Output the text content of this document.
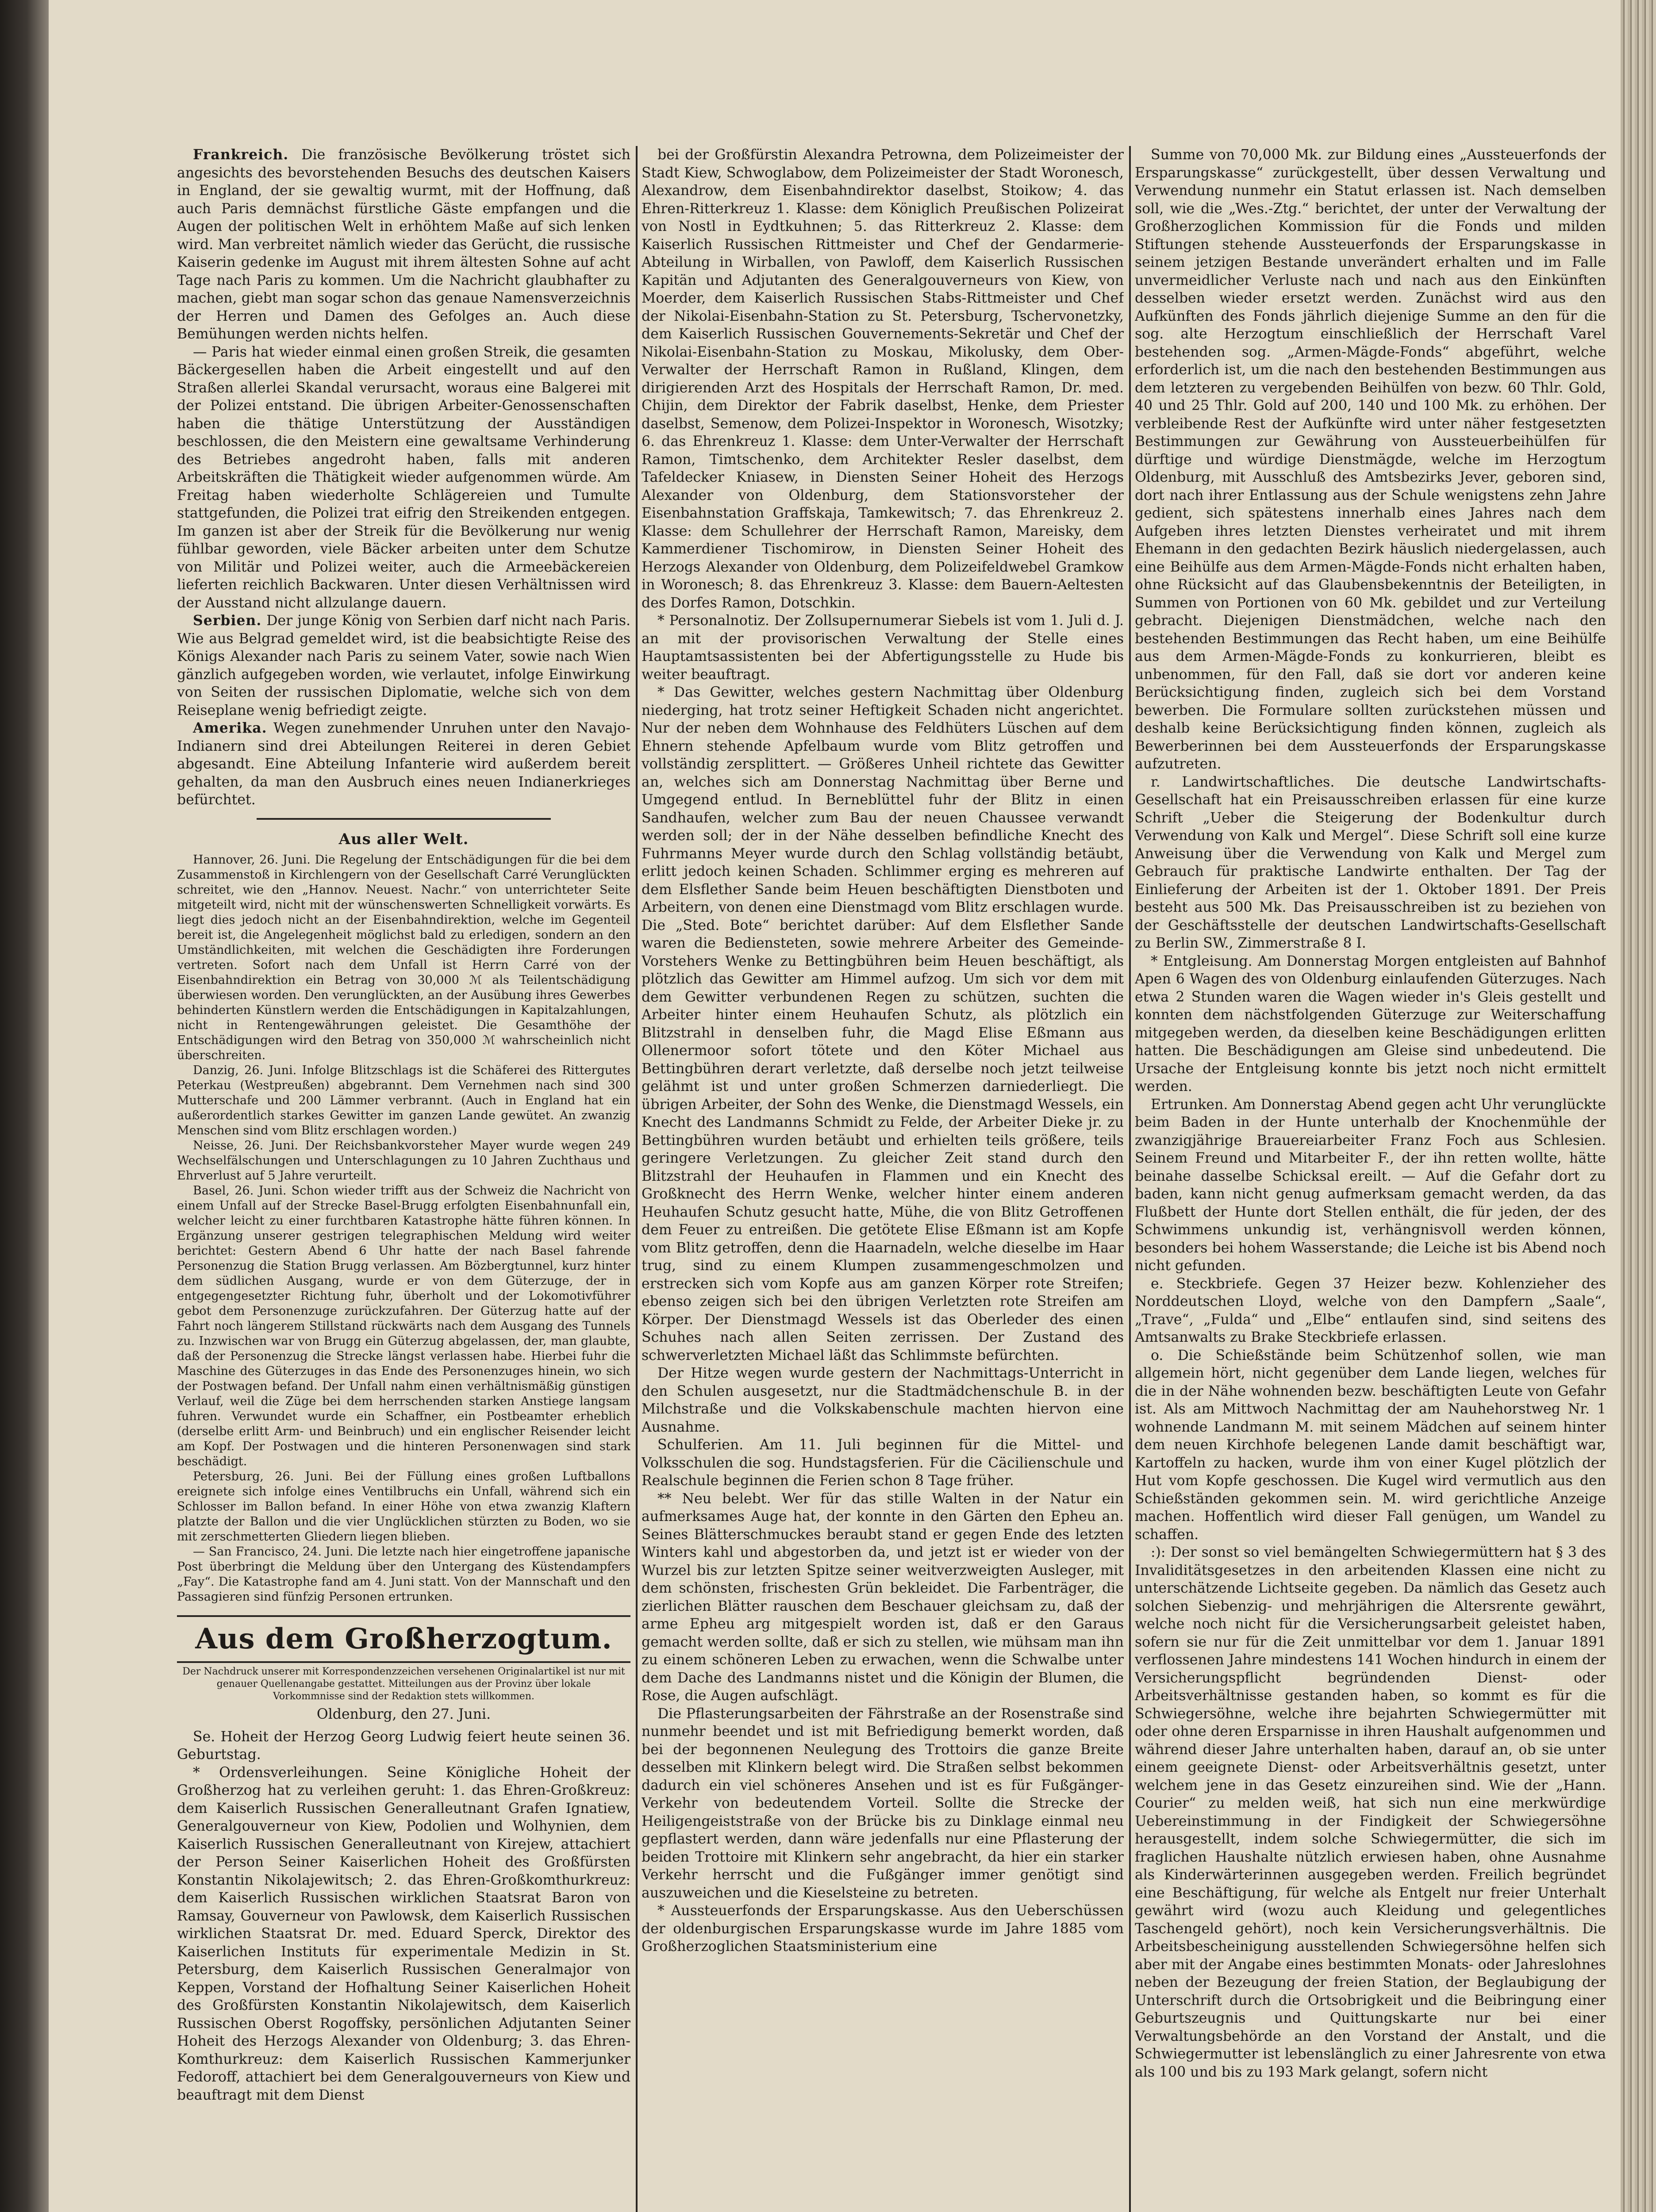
Frankreich. Die französische Bevölkerung tröstet sich angesichts des bevorstehenden Besuchs des deutschen Kaisers in England, der sie gewaltig wurmt, mit der Hoffnung, daß auch Paris demnächst fürstliche Gäste empfangen und die Augen der politischen Welt in erhöhtem Maße auf sich lenken wird. Man verbreitet nämlich wieder das Gerücht, die russische Kaiserin gedenke im August mit ihrem ältesten Sohne auf acht Tage nach Paris zu kommen. Um die Nachricht glaubhafter zu machen, giebt man sogar schon das genaue Namensverzeichnis der Herren und Damen des Gefolges an. Auch diese Bemühungen werden nichts helfen.

— Paris hat wieder einmal einen großen Streik, die gesamten Bäckergesellen haben die Arbeit eingestellt und auf den Straßen allerlei Skandal verursacht, woraus eine Balgerei mit der Polizei entstand. Die übrigen Arbeiter-Genossenschaften haben die thätige Unterstützung der Ausständigen beschlossen, die den Meistern eine gewaltsame Verhinderung des Betriebes angedroht haben, falls mit anderen Arbeitskräften die Thätigkeit wieder aufgenommen würde. Am Freitag haben wiederholte Schlägereien und Tumulte stattgefunden, die Polizei trat eifrig den Streikenden entgegen. Im ganzen ist aber der Streik für die Bevölkerung nur wenig fühlbar geworden, viele Bäcker arbeiten unter dem Schutze von Militär und Polizei weiter, auch die Armeebäckereien lieferten reichlich Backwaren. Unter diesen Verhältnissen wird der Ausstand nicht allzulange dauern.

Serbien. Der junge König von Serbien darf nicht nach Paris. Wie aus Belgrad gemeldet wird, ist die beabsichtigte Reise des Königs Alexander nach Paris zu seinem Vater, sowie nach Wien gänzlich aufgegeben worden, wie verlautet, infolge Einwirkung von Seiten der russischen Diplomatie, welche sich von dem Reiseplane wenig befriedigt zeigte.

Amerika. Wegen zunehmender Unruhen unter den Navajo-Indianern sind drei Abteilungen Reiterei in deren Gebiet abgesandt. Eine Abteilung Infanterie wird außerdem bereit gehalten, da man den Ausbruch eines neuen Indianerkrieges befürchtet.

Aus aller Welt.

Hannover, 26. Juni. Die Regelung der Entschädigungen für die bei dem Zusammenstoß in Kirchlengern von der Gesellschaft Carré Verunglückten schreitet, wie den „Hannov. Neuest. Nachr.“ von unterrichteter Seite mitgeteilt wird, nicht mit der wünschenswerten Schnelligkeit vorwärts. Es liegt dies jedoch nicht an der Eisenbahndirektion, welche im Gegenteil bereit ist, die Angelegenheit möglichst bald zu erledigen, sondern an den Umständlichkeiten, mit welchen die Geschädigten ihre Forderungen vertreten. Sofort nach dem Unfall ist Herrn Carré von der Eisenbahndirektion ein Betrag von 30,000 ℳ als Teilentschädigung überwiesen worden. Den verunglückten, an der Ausübung ihres Gewerbes behinderten Künstlern werden die Entschädigungen in Kapitalzahlungen, nicht in Rentengewährungen geleistet. Die Gesamthöhe der Entschädigungen wird den Betrag von 350,000 ℳ wahrscheinlich nicht überschreiten.

Danzig, 26. Juni. Infolge Blitzschlags ist die Schäferei des Rittergutes Peterkau (Westpreußen) abgebrannt. Dem Vernehmen nach sind 300 Mutterschafe und 200 Lämmer verbrannt. (Auch in England hat ein außerordentlich starkes Gewitter im ganzen Lande gewütet. An zwanzig Menschen sind vom Blitz erschlagen worden.)

Neisse, 26. Juni. Der Reichsbankvorsteher Mayer wurde wegen 249 Wechselfälschungen und Unterschlagungen zu 10 Jahren Zuchthaus und Ehrverlust auf 5 Jahre verurteilt.

Basel, 26. Juni. Schon wieder trifft aus der Schweiz die Nachricht von einem Unfall auf der Strecke Basel-Brugg erfolgten Eisenbahnunfall ein, welcher leicht zu einer furchtbaren Katastrophe hätte führen können. In Ergänzung unserer gestrigen telegraphischen Meldung wird weiter berichtet: Gestern Abend 6 Uhr hatte der nach Basel fahrende Personenzug die Station Brugg verlassen. Am Bözbergtunnel, kurz hinter dem südlichen Ausgang, wurde er von dem Güterzuge, der in entgegengesetzter Richtung fuhr, überholt und der Lokomotivführer gebot dem Personenzuge zurückzufahren. Der Güterzug hatte auf der Fahrt noch längerem Stillstand rückwärts nach dem Ausgang des Tunnels zu. Inzwischen war von Brugg ein Güterzug abgelassen, der, man glaubte, daß der Personenzug die Strecke längst verlassen habe. Hierbei fuhr die Maschine des Güterzuges in das Ende des Personenzuges hinein, wo sich der Postwagen befand. Der Unfall nahm einen verhältnismäßig günstigen Verlauf, weil die Züge bei dem herrschenden starken Anstiege langsam fuhren. Verwundet wurde ein Schaffner, ein Postbeamter erheblich (derselbe erlitt Arm- und Beinbruch) und ein englischer Reisender leicht am Kopf. Der Postwagen und die hinteren Personenwagen sind stark beschädigt.

Petersburg, 26. Juni. Bei der Füllung eines großen Luftballons ereignete sich infolge eines Ventilbruchs ein Unfall, während sich ein Schlosser im Ballon befand. In einer Höhe von etwa zwanzig Klaftern platzte der Ballon und die vier Unglücklichen stürzten zu Boden, wo sie mit zerschmetterten Gliedern liegen blieben.

— San Francisco, 24. Juni. Die letzte nach hier eingetroffene japanische Post überbringt die Meldung über den Untergang des Küstendampfers „Fay“. Die Katastrophe fand am 4. Juni statt. Von der Mannschaft und den Passagieren sind fünfzig Personen ertrunken.

Aus dem Großherzogtum.
Der Nachdruck unserer mit Korrespondenzzeichen versehenen Originalartikel ist nur mit genauer Quellenangabe gestattet. Mitteilungen aus der Provinz über lokale Vorkommnisse sind der Redaktion stets willkommen.
Oldenburg, den 27. Juni.

Se. Hoheit der Herzog Georg Ludwig feiert heute seinen 36. Geburtstag.

* Ordensverleihungen. Seine Königliche Hoheit der Großherzog hat zu verleihen geruht: 1. das Ehren-Großkreuz: dem Kaiserlich Russischen Generalleutnant Grafen Ignatiew, Generalgouverneur von Kiew, Podolien und Wolhynien, dem Kaiserlich Russischen Generalleutnant von Kirejew, attachiert der Person Seiner Kaiserlichen Hoheit des Großfürsten Konstantin Nikolajewitsch; 2. das Ehren-Großkomthurkreuz: dem Kaiserlich Russischen wirklichen Staatsrat Baron von Ramsay, Gouverneur von Pawlowsk, dem Kaiserlich Russischen wirklichen Staatsrat Dr. med. Eduard Sperck, Direktor des Kaiserlichen Instituts für experimentale Medizin in St. Petersburg, dem Kaiserlich Russischen Generalmajor von Keppen, Vorstand der Hofhaltung Seiner Kaiserlichen Hoheit des Großfürsten Konstantin Nikolajewitsch, dem Kaiserlich Russischen Oberst Rogoffsky, persönlichen Adjutanten Seiner Hoheit des Herzogs Alexander von Oldenburg; 3. das Ehren-Komthurkreuz: dem Kaiserlich Russischen Kammerjunker Fedoroff, attachiert bei dem Generalgouverneurs von Kiew und beauftragt mit dem Dienst

bei der Großfürstin Alexandra Petrowna, dem Polizeimeister der Stadt Kiew, Schwoglabow, dem Polizeimeister der Stadt Woronesch, Alexandrow, dem Eisenbahndirektor daselbst, Stoikow; 4. das Ehren-Ritterkreuz 1. Klasse: dem Königlich Preußischen Polizeirat von Nostl in Eydtkuhnen; 5. das Ritterkreuz 2. Klasse: dem Kaiserlich Russischen Rittmeister und Chef der Gendarmerie-Abteilung in Wirballen, von Pawloff, dem Kaiserlich Russischen Kapitän und Adjutanten des Generalgouverneurs von Kiew, von Moerder, dem Kaiserlich Russischen Stabs-Rittmeister und Chef der Nikolai-Eisenbahn-Station zu St. Petersburg, Tschervonetzky, dem Kaiserlich Russischen Gouvernements-Sekretär und Chef der Nikolai-Eisenbahn-Station zu Moskau, Mikolusky, dem Ober-Verwalter der Herrschaft Ramon in Rußland, Klingen, dem dirigierenden Arzt des Hospitals der Herrschaft Ramon, Dr. med. Chijin, dem Direktor der Fabrik daselbst, Henke, dem Priester daselbst, Semenow, dem Polizei-Inspektor in Woronesch, Wisotzky; 6. das Ehrenkreuz 1. Klasse: dem Unter-Verwalter der Herrschaft Ramon, Timtschenko, dem Architekter Resler daselbst, dem Tafeldecker Kniasew, in Diensten Seiner Hoheit des Herzogs Alexander von Oldenburg, dem Stationsvorsteher der Eisenbahnstation Graffskaja, Tamkewitsch; 7. das Ehrenkreuz 2. Klasse: dem Schullehrer der Herrschaft Ramon, Mareisky, dem Kammerdiener Tischomirow, in Diensten Seiner Hoheit des Herzogs Alexander von Oldenburg, dem Polizeifeldwebel Gramkow in Woronesch; 8. das Ehrenkreuz 3. Klasse: dem Bauern-Aeltesten des Dorfes Ramon, Dotschkin.

* Personalnotiz. Der Zollsupernumerar Siebels ist vom 1. Juli d. J. an mit der provisorischen Verwaltung der Stelle eines Hauptamtsassistenten bei der Abfertigungsstelle zu Hude bis weiter beauftragt.

* Das Gewitter, welches gestern Nachmittag über Oldenburg niederging, hat trotz seiner Heftigkeit Schaden nicht angerichtet. Nur der neben dem Wohnhause des Feldhüters Lüschen auf dem Ehnern stehende Apfelbaum wurde vom Blitz getroffen und vollständig zersplittert. — Größeres Unheil richtete das Gewitter an, welches sich am Donnerstag Nachmittag über Berne und Umgegend entlud. In Berneblüttel fuhr der Blitz in einen Sandhaufen, welcher zum Bau der neuen Chaussee verwandt werden soll; der in der Nähe desselben befindliche Knecht des Fuhrmanns Meyer wurde durch den Schlag vollständig betäubt, erlitt jedoch keinen Schaden. Schlimmer erging es mehreren auf dem Elsflether Sande beim Heuen beschäftigten Dienstboten und Arbeitern, von denen eine Dienstmagd vom Blitz erschlagen wurde. Die „Sted. Bote“ berichtet darüber: Auf dem Elsflether Sande waren die Bediensteten, sowie mehrere Arbeiter des Gemeinde-Vorstehers Wenke zu Bettingbühren beim Heuen beschäftigt, als plötzlich das Gewitter am Himmel aufzog. Um sich vor dem mit dem Gewitter verbundenen Regen zu schützen, suchten die Arbeiter hinter einem Heuhaufen Schutz, als plötzlich ein Blitzstrahl in denselben fuhr, die Magd Elise Eßmann aus Ollenermoor sofort tötete und den Köter Michael aus Bettingbühren derart verletzte, daß derselbe noch jetzt teilweise gelähmt ist und unter großen Schmerzen darniederliegt. Die übrigen Arbeiter, der Sohn des Wenke, die Dienstmagd Wessels, ein Knecht des Landmanns Schmidt zu Felde, der Arbeiter Dieke jr. zu Bettingbühren wurden betäubt und erhielten teils größere, teils geringere Verletzungen. Zu gleicher Zeit stand durch den Blitzstrahl der Heuhaufen in Flammen und ein Knecht des Großknecht des Herrn Wenke, welcher hinter einem anderen Heuhaufen Schutz gesucht hatte, Mühe, die von Blitz Getroffenen dem Feuer zu entreißen. Die getötete Elise Eßmann ist am Kopfe vom Blitz getroffen, denn die Haarnadeln, welche dieselbe im Haar trug, sind zu einem Klumpen zusammengeschmolzen und erstrecken sich vom Kopfe aus am ganzen Körper rote Streifen; ebenso zeigen sich bei den übrigen Verletzten rote Streifen am Körper. Der Dienstmagd Wessels ist das Oberleder des einen Schuhes nach allen Seiten zerrissen. Der Zustand des schwerverletzten Michael läßt das Schlimmste befürchten.

Der Hitze wegen wurde gestern der Nachmittags-Unterricht in den Schulen ausgesetzt, nur die Stadtmädchenschule B. in der Milchstraße und die Volkskabenschule machten hiervon eine Ausnahme.

Schulferien. Am 11. Juli beginnen für die Mittel- und Volksschulen die sog. Hundstagsferien. Für die Cäcilienschule und Realschule beginnen die Ferien schon 8 Tage früher.

** Neu belebt. Wer für das stille Walten in der Natur ein aufmerksames Auge hat, der konnte in den Gärten den Epheu an. Seines Blätterschmuckes beraubt stand er gegen Ende des letzten Winters kahl und abgestorben da, und jetzt ist er wieder von der Wurzel bis zur letzten Spitze seiner weitverzweigten Ausleger, mit dem schönsten, frischesten Grün bekleidet. Die Farbenträger, die zierlichen Blätter rauschen dem Beschauer gleichsam zu, daß der arme Epheu arg mitgespielt worden ist, daß er den Garaus gemacht werden sollte, daß er sich zu stellen, wie mühsam man ihn zu einem schöneren Leben zu erwachen, wenn die Schwalbe unter dem Dache des Landmanns nistet und die Königin der Blumen, die Rose, die Augen aufschlägt.

Die Pflasterungsarbeiten der Fährstraße an der Rosenstraße sind nunmehr beendet und ist mit Befriedigung bemerkt worden, daß bei der begonnenen Neulegung des Trottoirs die ganze Breite desselben mit Klinkern belegt wird. Die Straßen selbst bekommen dadurch ein viel schöneres Ansehen und ist es für Fußgänger-Verkehr von bedeutendem Vorteil. Sollte die Strecke der Heiligengeiststraße von der Brücke bis zu Dinklage einmal neu gepflastert werden, dann wäre jedenfalls nur eine Pflasterung der beiden Trottoire mit Klinkern sehr angebracht, da hier ein starker Verkehr herrscht und die Fußgänger immer genötigt sind auszuweichen und die Kieselsteine zu betreten.

* Aussteuerfonds der Ersparungskasse. Aus den Ueberschüssen der oldenburgischen Ersparungskasse wurde im Jahre 1885 vom Großherzoglichen Staatsministerium eine

Summe von 70,000 Mk. zur Bildung eines „Aussteuerfonds der Ersparungskasse“ zurückgestellt, über dessen Verwaltung und Verwendung nunmehr ein Statut erlassen ist. Nach demselben soll, wie die „Wes.-Ztg.“ berichtet, der unter der Verwaltung der Großherzoglichen Kommission für die Fonds und milden Stiftungen stehende Aussteuerfonds der Ersparungskasse in seinem jetzigen Bestande unverändert erhalten und im Falle unvermeidlicher Verluste nach und nach aus den Einkünften desselben wieder ersetzt werden. Zunächst wird aus den Aufkünften des Fonds jährlich diejenige Summe an den für die sog. alte Herzogtum einschließlich der Herrschaft Varel bestehenden sog. „Armen-Mägde-Fonds“ abgeführt, welche erforderlich ist, um die nach den bestehenden Bestimmungen aus dem letzteren zu vergebenden Beihülfen von bezw. 60 Thlr. Gold, 40 und 25 Thlr. Gold auf 200, 140 und 100 Mk. zu erhöhen. Der verbleibende Rest der Aufkünfte wird unter näher festgesetzten Bestimmungen zur Gewährung von Aussteuerbeihülfen für dürftige und würdige Dienstmägde, welche im Herzogtum Oldenburg, mit Ausschluß des Amtsbezirks Jever, geboren sind, dort nach ihrer Entlassung aus der Schule wenigstens zehn Jahre gedient, sich spätestens innerhalb eines Jahres nach dem Aufgeben ihres letzten Dienstes verheiratet und mit ihrem Ehemann in den gedachten Bezirk häuslich niedergelassen, auch eine Beihülfe aus dem Armen-Mägde-Fonds nicht erhalten haben, ohne Rücksicht auf das Glaubensbekenntnis der Beteiligten, in Summen von Portionen von 60 Mk. gebildet und zur Verteilung gebracht. Diejenigen Dienstmädchen, welche nach den bestehenden Bestimmungen das Recht haben, um eine Beihülfe aus dem Armen-Mägde-Fonds zu konkurrieren, bleibt es unbenommen, für den Fall, daß sie dort vor anderen keine Berücksichtigung finden, zugleich sich bei dem Vorstand bewerben. Die Formulare sollten zurückstehen müssen und deshalb keine Berücksichtigung finden können, zugleich als Bewerberinnen bei dem Aussteuerfonds der Ersparungskasse aufzutreten.

r. Landwirtschaftliches. Die deutsche Landwirtschafts-Gesellschaft hat ein Preisausschreiben erlassen für eine kurze Schrift „Ueber die Steigerung der Bodenkultur durch Verwendung von Kalk und Mergel“. Diese Schrift soll eine kurze Anweisung über die Verwendung von Kalk und Mergel zum Gebrauch für praktische Landwirte enthalten. Der Tag der Einlieferung der Arbeiten ist der 1. Oktober 1891. Der Preis besteht aus 500 Mk. Das Preisausschreiben ist zu beziehen von der Geschäftsstelle der deutschen Landwirtschafts-Gesellschaft zu Berlin SW., Zimmerstraße 8 I.

* Entgleisung. Am Donnerstag Morgen entgleisten auf Bahnhof Apen 6 Wagen des von Oldenburg einlaufenden Güterzuges. Nach etwa 2 Stunden waren die Wagen wieder in's Gleis gestellt und konnten dem nächstfolgenden Güterzuge zur Weiterschaffung mitgegeben werden, da dieselben keine Beschädigungen erlitten hatten. Die Beschädigungen am Gleise sind unbedeutend. Die Ursache der Entgleisung konnte bis jetzt noch nicht ermittelt werden.

Ertrunken. Am Donnerstag Abend gegen acht Uhr verunglückte beim Baden in der Hunte unterhalb der Knochenmühle der zwanzigjährige Brauereiarbeiter Franz Foch aus Schlesien. Seinem Freund und Mitarbeiter F., der ihn retten wollte, hätte beinahe dasselbe Schicksal ereilt. — Auf die Gefahr dort zu baden, kann nicht genug aufmerksam gemacht werden, da das Flußbett der Hunte dort Stellen enthält, die für jeden, der des Schwimmens unkundig ist, verhängnisvoll werden können, besonders bei hohem Wasserstande; die Leiche ist bis Abend noch nicht gefunden.

e. Steckbriefe. Gegen 37 Heizer bezw. Kohlenzieher des Norddeutschen Lloyd, welche von den Dampfern „Saale“, „Trave“, „Fulda“ und „Elbe“ entlaufen sind, sind seitens des Amtsanwalts zu Brake Steckbriefe erlassen.

o. Die Schießstände beim Schützenhof sollen, wie man allgemein hört, nicht gegenüber dem Lande liegen, welches für die in der Nähe wohnenden bezw. beschäftigten Leute von Gefahr ist. Als am Mittwoch Nachmittag der am Nauhehorstweg Nr. 1 wohnende Landmann M. mit seinem Mädchen auf seinem hinter dem neuen Kirchhofe belegenen Lande damit beschäftigt war, Kartoffeln zu hacken, wurde ihm von einer Kugel plötzlich der Hut vom Kopfe geschossen. Die Kugel wird vermutlich aus den Schießständen gekommen sein. M. wird gerichtliche Anzeige machen. Hoffentlich wird dieser Fall genügen, um Wandel zu schaffen.

:): Der sonst so viel bemängelten Schwiegermüttern hat § 3 des Invaliditätsgesetzes in den arbeitenden Klassen eine nicht zu unterschätzende Lichtseite gegeben. Da nämlich das Gesetz auch solchen Siebenzig- und mehrjährigen die Altersrente gewährt, welche noch nicht für die Versicherungsarbeit geleistet haben, sofern sie nur für die Zeit unmittelbar vor dem 1. Januar 1891 verflossenen Jahre mindestens 141 Wochen hindurch in einem der Versicherungspflicht begründenden Dienst- oder Arbeitsverhältnisse gestanden haben, so kommt es für die Schwiegersöhne, welche ihre bejahrten Schwiegermütter mit oder ohne deren Ersparnisse in ihren Haushalt aufgenommen und während dieser Jahre unterhalten haben, darauf an, ob sie unter einem geeignete Dienst- oder Arbeitsverhältnis gesetzt, unter welchem jene in das Gesetz einzureihen sind. Wie der „Hann. Courier“ zu melden weiß, hat sich nun eine merkwürdige Uebereinstimmung in der Findigkeit der Schwiegersöhne herausgestellt, indem solche Schwiegermütter, die sich im fraglichen Haushalte nützlich erwiesen haben, ohne Ausnahme als Kinderwärterinnen ausgegeben werden. Freilich begründet eine Beschäftigung, für welche als Entgelt nur freier Unterhalt gewährt wird (wozu auch Kleidung und gelegentliches Taschengeld gehört), noch kein Versicherungsverhältnis. Die Arbeitsbescheinigung ausstellenden Schwiegersöhne helfen sich aber mit der Angabe eines bestimmten Monats- oder Jahreslohnes neben der Bezeugung der freien Station, der Beglaubigung der Unterschrift durch die Ortsobrigkeit und die Beibringung einer Geburtszeugnis und Quittungskarte nur bei einer Verwaltungsbehörde an den Vorstand der Anstalt, und die Schwiegermutter ist lebenslänglich zu einer Jahresrente von etwa als 100 und bis zu 193 Mark gelangt, sofern nicht
